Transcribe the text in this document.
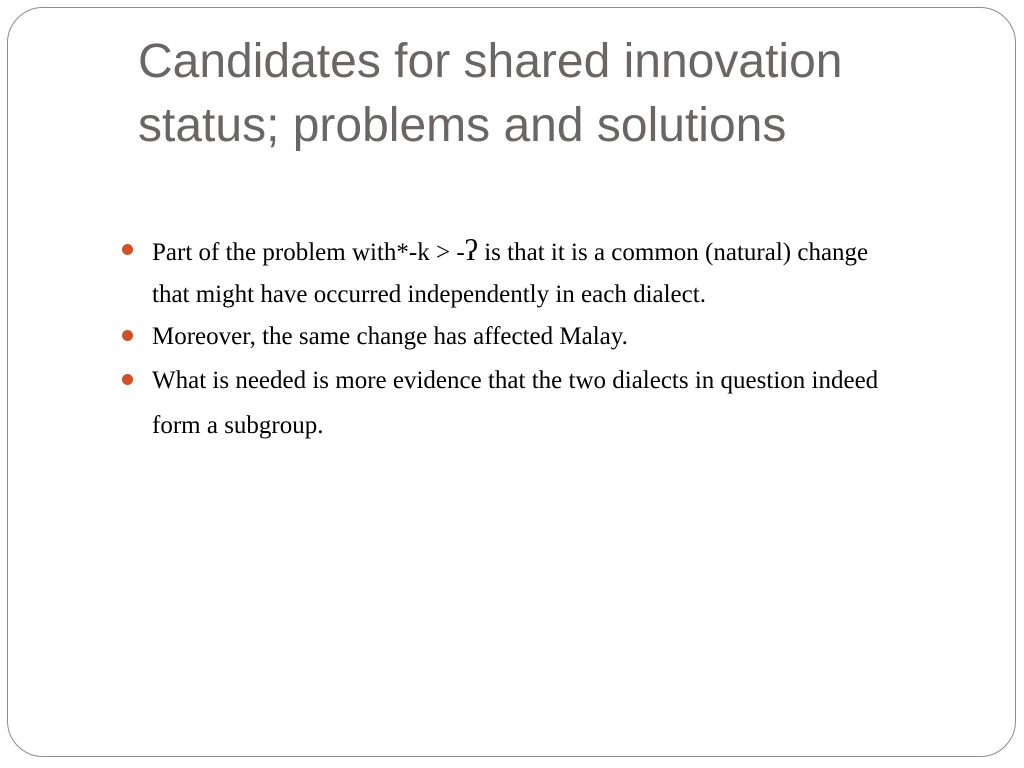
Candidates for shared innovation
status; problems and solutions
Part of the problem with*-k > -ʔ is that it is a common (natural) change
that might have occurred independently in each dialect.
Moreover, the same change has affected Malay.
What is needed is more evidence that the two dialects in question indeed
form a subgroup.
